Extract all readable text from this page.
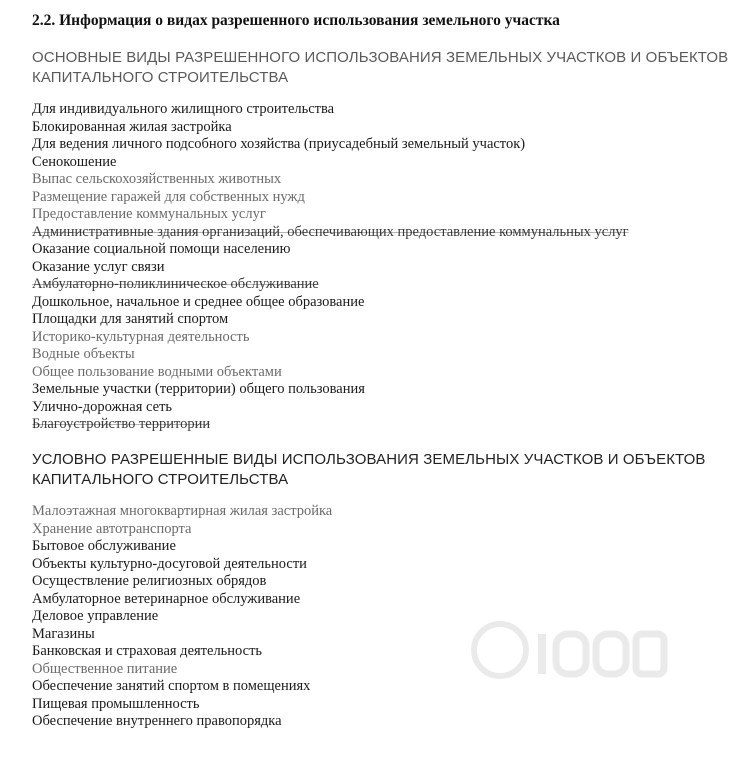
2.2. Информация о видах разрешенного использования земельного участка
ОСНОВНЫЕ ВИДЫ РАЗРЕШЕННОГО ИСПОЛЬЗОВАНИЯ ЗЕМЕЛЬНЫХ УЧАСТКОВ И ОБЪЕКТОВ КАПИТАЛЬНОГО СТРОИТЕЛЬСТВА
Для индивидуального жилищного строительства
Блокированная жилая застройка
Для ведения личного подсобного хозяйства (приусадебный земельный участок)
Сенокошение
Выпас сельскохозяйственных животных
Размещение гаражей для собственных нужд
Предоставление коммунальных услуг
Административные здания организаций, обеспечивающих предоставление коммунальных услуг
Оказание социальной помощи населению
Оказание услуг связи
Амбулаторно-поликлиническое обслуживание
Дошкольное, начальное и среднее общее образование
Площадки для занятий спортом
Историко-культурная деятельность
Водные объекты
Общее пользование водными объектами
Земельные участки (территории) общего пользования
Улично-дорожная сеть
Благоустройство территории
УСЛОВНО РАЗРЕШЕННЫЕ ВИДЫ ИСПОЛЬЗОВАНИЯ ЗЕМЕЛЬНЫХ УЧАСТКОВ И ОБЪЕКТОВ КАПИТАЛЬНОГО СТРОИТЕЛЬСТВА
Малоэтажная многоквартирная жилая застройка
Хранение автотранспорта
Бытовое обслуживание
Объекты культурно-досуговой деятельности
Осуществление религиозных обрядов
Амбулаторное ветеринарное обслуживание
Деловое управление
Магазины
Банковская и страховая деятельность
Общественное питание
Обеспечение занятий спортом в помещениях
Пищевая промышленность
Обеспечение внутреннего правопорядка
